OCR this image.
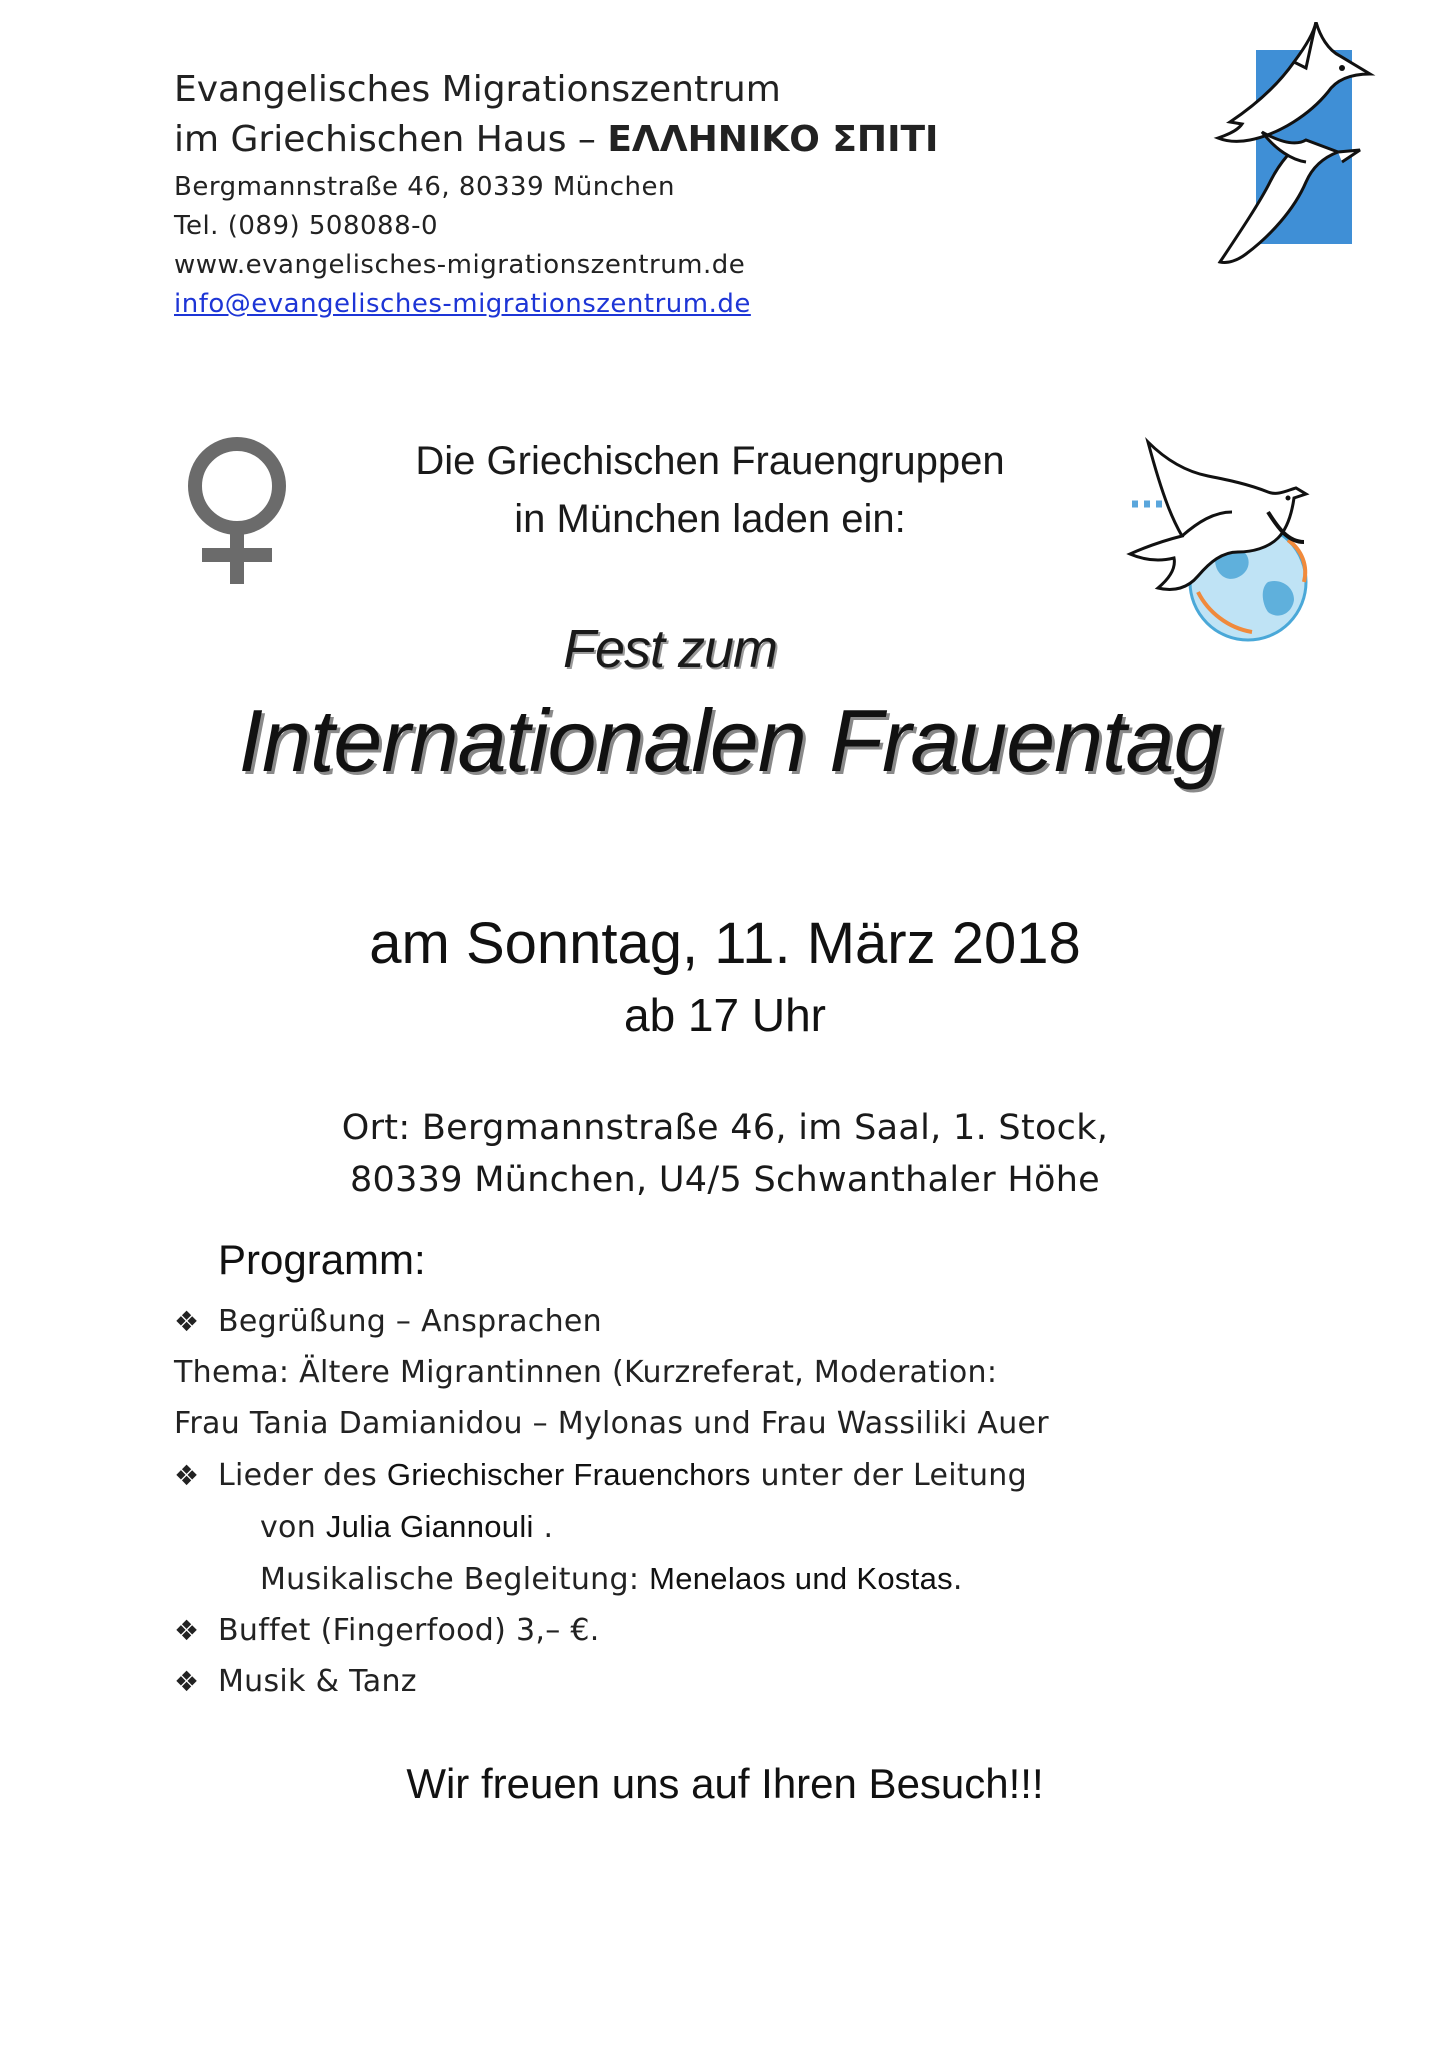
Evangelisches Migrationszentrum
im Griechischen Haus – ΕΛΛΗΝΙΚΟ ΣΠΙΤΙ
Bergmannstraße 46, 80339 München
Tel. (089) 508088-0
www.evangelisches-migrationszentrum.de
info@evangelisches-migrationszentrum.de
Die Griechischen Frauengruppen
in München laden ein:
Fest zum
Internationalen Frauentag
am Sonntag, 11. März 2018
ab 17 Uhr
Ort: Bergmannstraße 46, im Saal, 1. Stock,
80339 München, U4/5 Schwanthaler Höhe
Programm:
❖ Begrüßung – Ansprachen
Thema: Ältere Migrantinnen (Kurzreferat, Moderation:
Frau Tania Damianidou – Mylonas und Frau Wassiliki Auer
❖ Lieder des Griechischer Frauenchors unter der Leitung
von Julia Giannouli .
Musikalische Begleitung: Menelaos und Kostas.
❖ Buffet (Fingerfood) 3,– €.
❖ Musik & Tanz
Wir freuen uns auf Ihren Besuch!!!
